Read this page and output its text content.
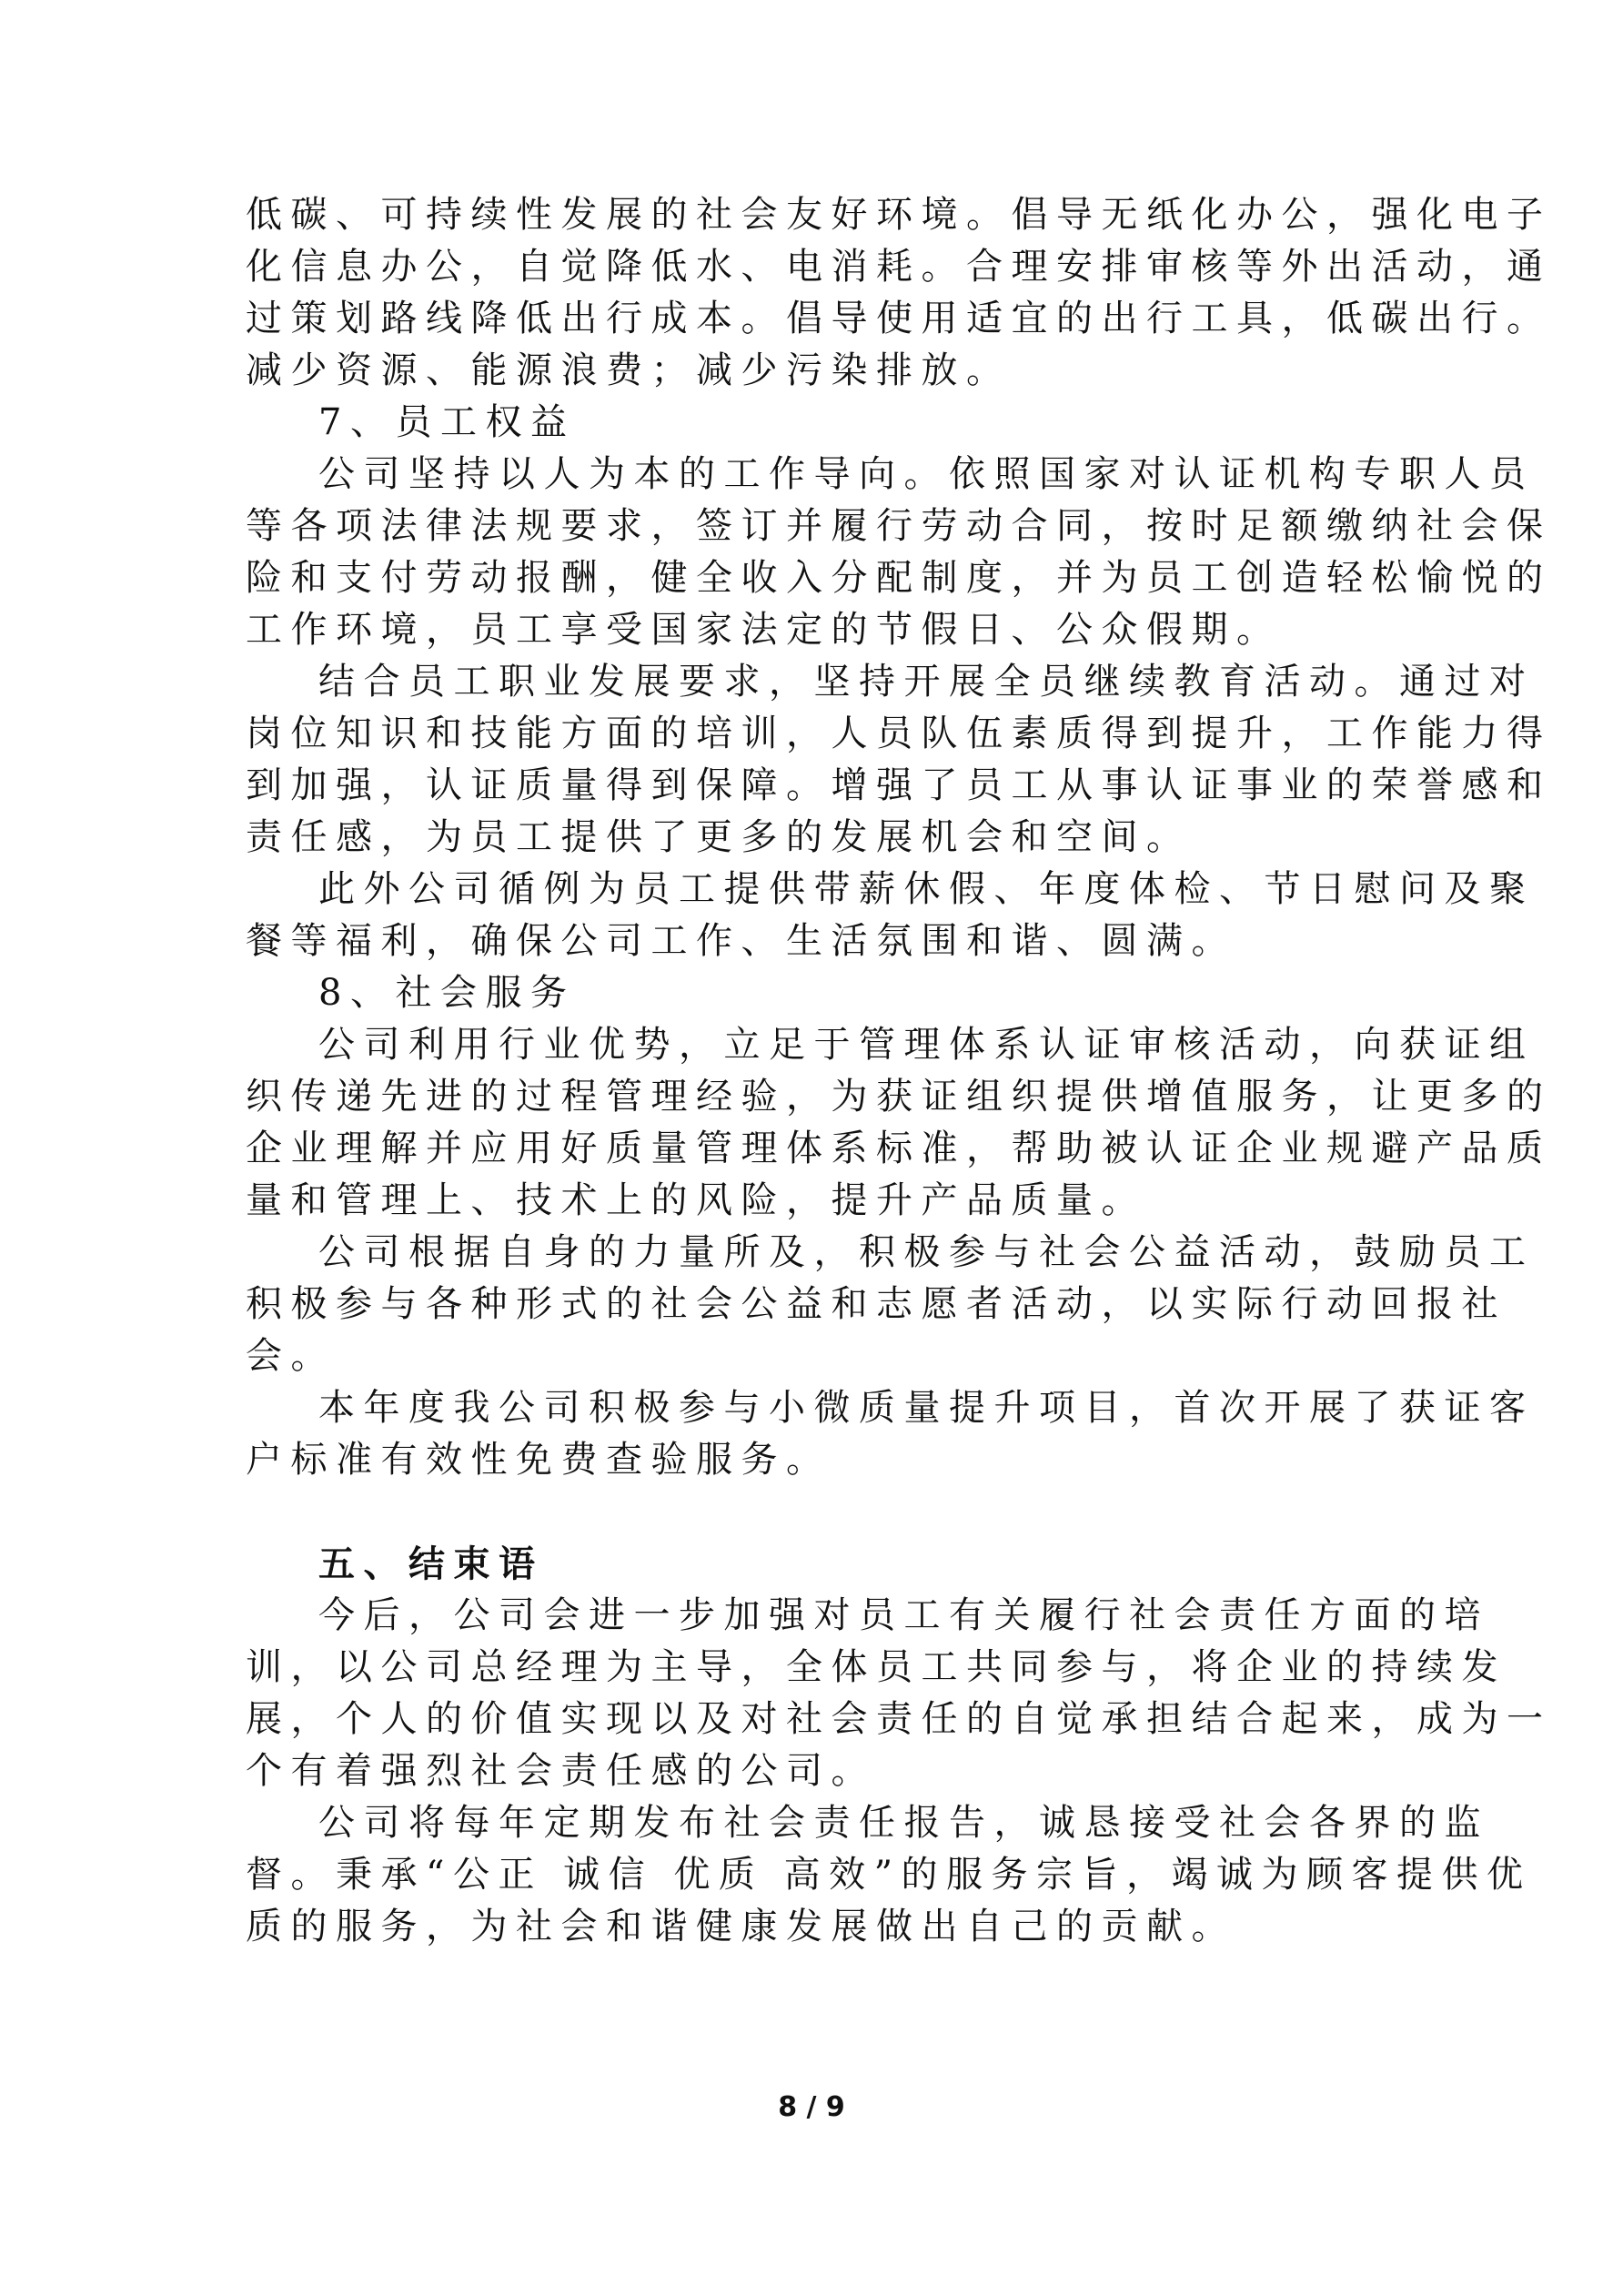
低碳、可持续性发展的社会友好环境。倡导无纸化办公，强化电子
化信息办公，自觉降低水、电消耗。合理安排审核等外出活动，通
过策划路线降低出行成本。倡导使用适宜的出行工具，低碳出行。
减少资源、能源浪费；减少污染排放。
7、员工权益
公司坚持以人为本的工作导向。依照国家对认证机构专职人员
等各项法律法规要求，签订并履行劳动合同，按时足额缴纳社会保
险和支付劳动报酬，健全收入分配制度，并为员工创造轻松愉悦的
工作环境，员工享受国家法定的节假日、公众假期。
结合员工职业发展要求，坚持开展全员继续教育活动。通过对
岗位知识和技能方面的培训，人员队伍素质得到提升，工作能力得
到加强，认证质量得到保障。增强了员工从事认证事业的荣誉感和
责任感，为员工提供了更多的发展机会和空间。
此外公司循例为员工提供带薪休假、年度体检、节日慰问及聚
餐等福利，确保公司工作、生活氛围和谐、圆满。
8、社会服务
公司利用行业优势，立足于管理体系认证审核活动，向获证组
织传递先进的过程管理经验，为获证组织提供增值服务，让更多的
企业理解并应用好质量管理体系标准，帮助被认证企业规避产品质
量和管理上、技术上的风险，提升产品质量。
公司根据自身的力量所及，积极参与社会公益活动，鼓励员工
积极参与各种形式的社会公益和志愿者活动，以实际行动回报社
会。
本年度我公司积极参与小微质量提升项目，首次开展了获证客
户标准有效性免费查验服务。
五、结束语
今后，公司会进一步加强对员工有关履行社会责任方面的培
训，以公司总经理为主导，全体员工共同参与，将企业的持续发
展，个人的价值实现以及对社会责任的自觉承担结合起来，成为一
个有着强烈社会责任感的公司。
公司将每年定期发布社会责任报告，诚恳接受社会各界的监
督。秉承“公正 诚信 优质 高效”的服务宗旨，竭诚为顾客提供优
质的服务，为社会和谐健康发展做出自己的贡献。
8 / 9
